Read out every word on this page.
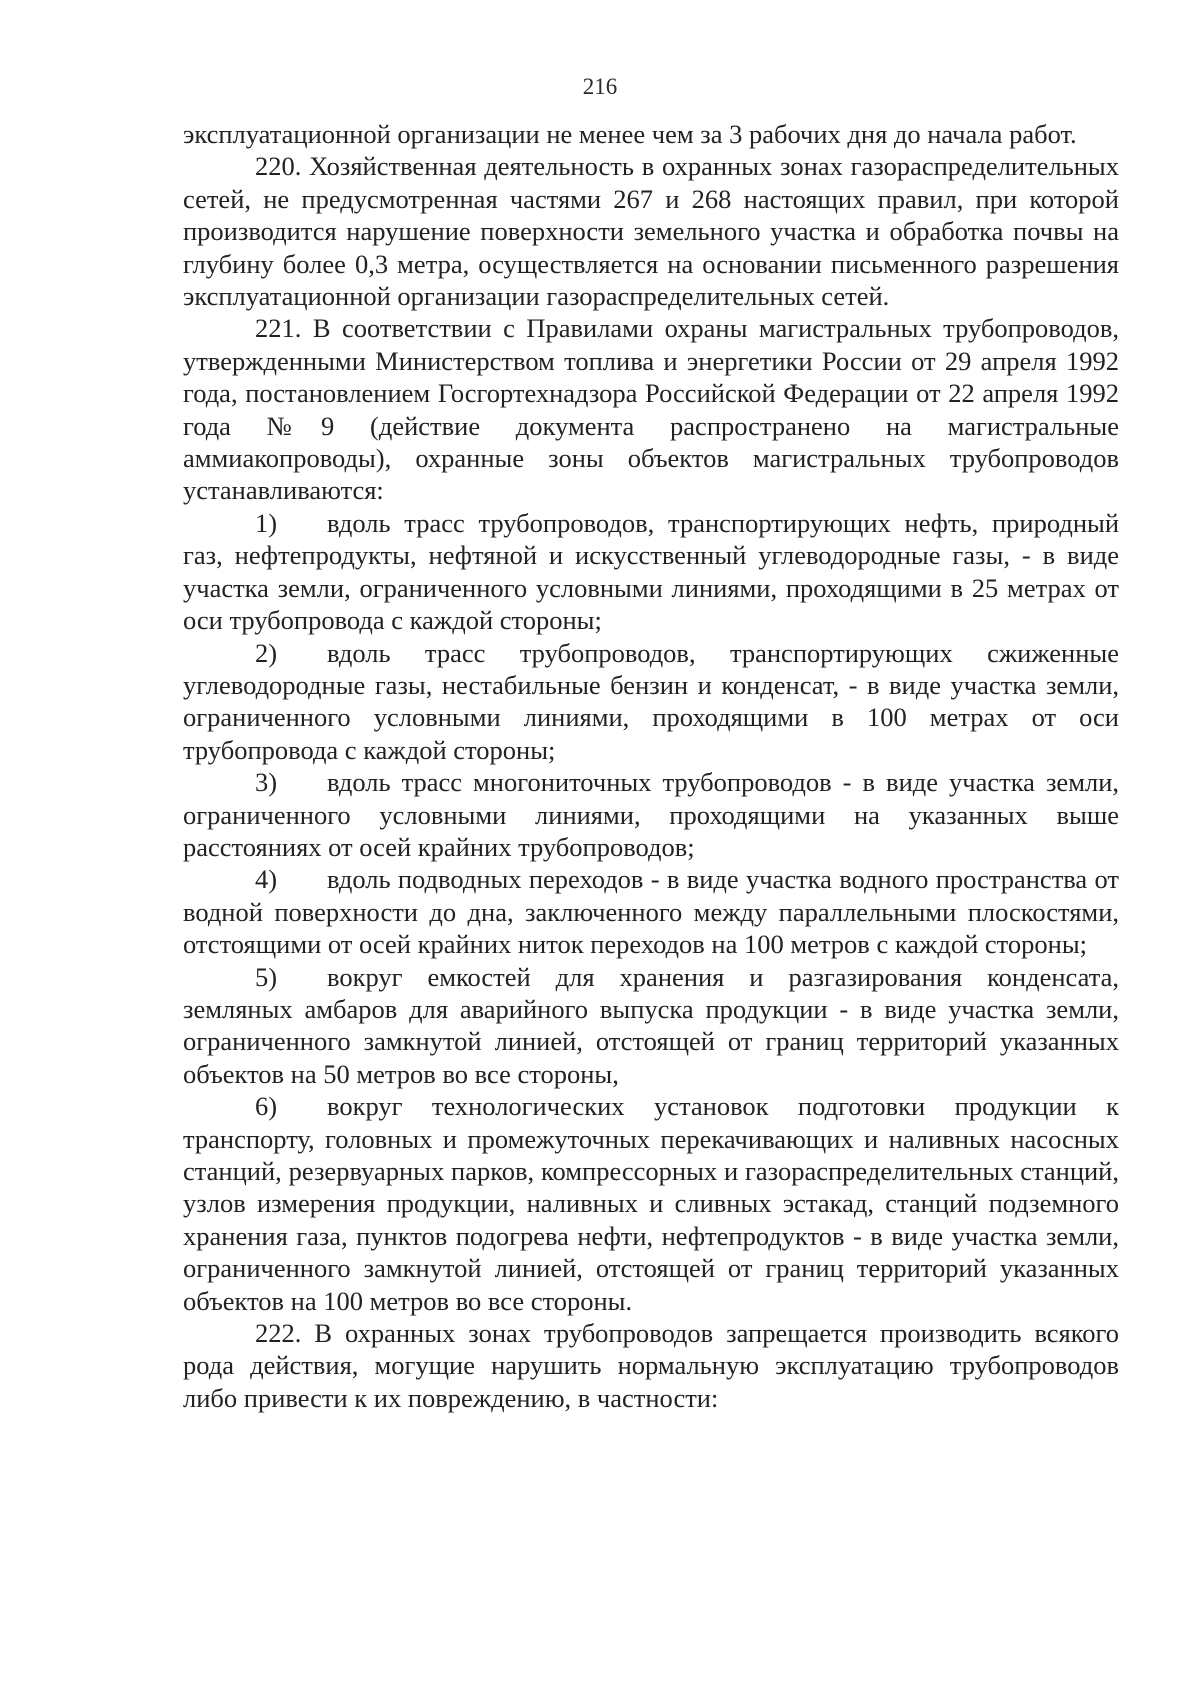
216

эксплуатационной организации не менее чем за 3 рабочих дня до начала работ.

220. Хозяйственная деятельность в охранных зонах газораспределительных сетей, не предусмотренная частями 267 и 268 настоящих правил, при которой производится нарушение поверхности земельного участка и обработка почвы на глубину более 0,3 метра, осуществляется на основании письменного разрешения эксплуатационной организации газораспределительных сетей.

221. В соответствии с Правилами охраны магистральных трубопроводов, утвержденными Министерством топлива и энергетики России от 29 апреля 1992 года, постановлением Госгортехнадзора Российской Федерации от 22 апреля 1992 года №9 (действие документа распространено на магистральные аммиакопроводы), охранные зоны объектов магистральных трубопроводов устанавливаются:

1) вдоль трасс трубопроводов, транспортирующих нефть, природный газ, нефтепродукты, нефтяной и искусственный углеводородные газы, - в виде участка земли, ограниченного условными линиями, проходящими в 25 метрах от оси трубопровода с каждой стороны;

2) вдоль трасс трубопроводов, транспортирующих сжиженные углеводородные газы, нестабильные бензин и конденсат, - в виде участка земли, ограниченного условными линиями, проходящими в 100 метрах от оси трубопровода с каждой стороны;

3) вдоль трасс многониточных трубопроводов - в виде участка земли, ограниченного условными линиями, проходящими на указанных выше расстояниях от осей крайних трубопроводов;

4) вдоль подводных переходов - в виде участка водного пространства от водной поверхности до дна, заключенного между параллельными плоскостями, отстоящими от осей крайних ниток переходов на 100 метров с каждой стороны;

5) вокруг емкостей для хранения и разгазирования конденсата, земляных амбаров для аварийного выпуска продукции - в виде участка земли, ограниченного замкнутой линией, отстоящей от границ территорий указанных объектов на 50 метров во все стороны,

6) вокруг технологических установок подготовки продукции к транспорту, головных и промежуточных перекачивающих и наливных насосных станций, резервуарных парков, компрессорных и газораспределительных станций, узлов измерения продукции, наливных и сливных эстакад, станций подземного хранения газа, пунктов подогрева нефти, нефтепродуктов - в виде участка земли, ограниченного замкнутой линией, отстоящей от границ территорий указанных объектов на 100 метров во все стороны.

222. В охранных зонах трубопроводов запрещается производить всякого рода действия, могущие нарушить нормальную эксплуатацию трубопроводов либо привести к их повреждению, в частности:
